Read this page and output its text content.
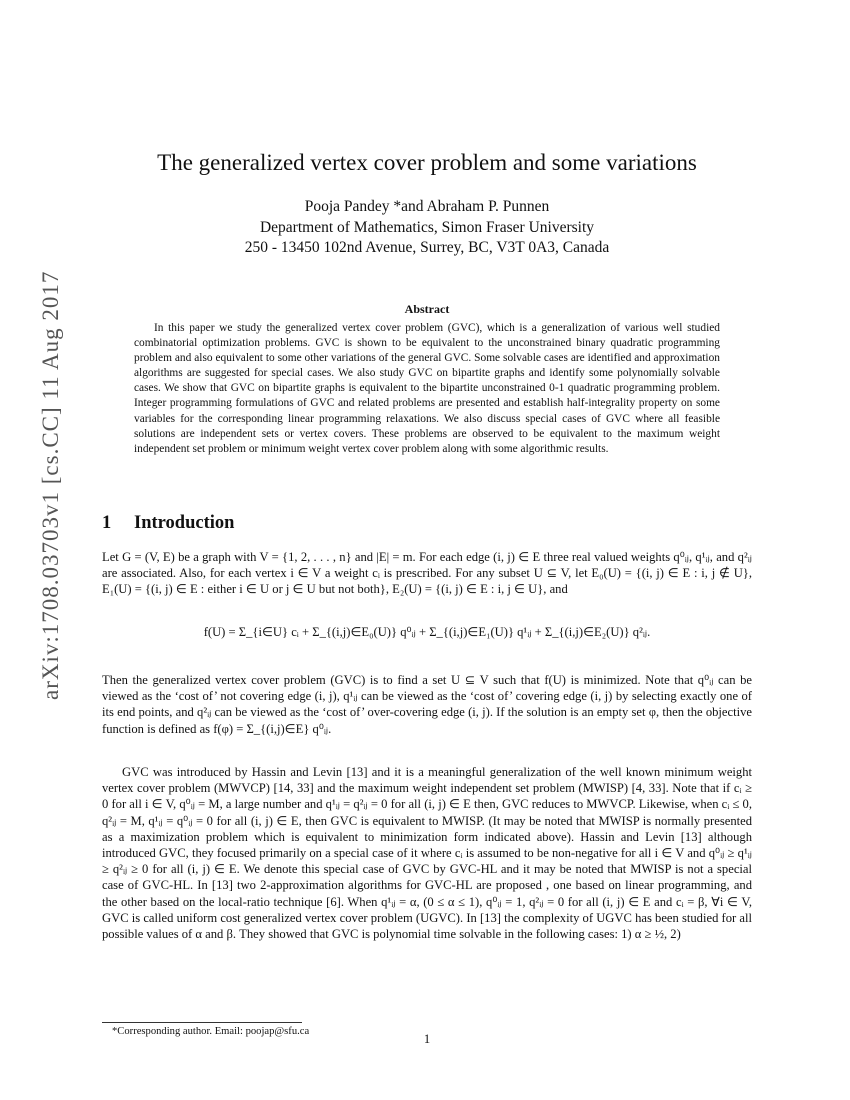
arXiv:1708.03703v1 [cs.CC] 11 Aug 2017
The generalized vertex cover problem and some variations
Pooja Pandey *and Abraham P. Punnen
Department of Mathematics, Simon Fraser University
250 - 13450 102nd Avenue, Surrey, BC, V3T 0A3, Canada
Abstract
In this paper we study the generalized vertex cover problem (GVC), which is a generalization of various well studied combinatorial optimization problems. GVC is shown to be equivalent to the unconstrained binary quadratic programming problem and also equivalent to some other variations of the general GVC. Some solvable cases are identified and approximation algorithms are suggested for special cases. We also study GVC on bipartite graphs and identify some polynomially solvable cases. We show that GVC on bipartite graphs is equivalent to the bipartite unconstrained 0-1 quadratic programming problem. Integer programming formulations of GVC and related problems are presented and establish half-integrality property on some variables for the corresponding linear programming relaxations. We also discuss special cases of GVC where all feasible solutions are independent sets or vertex covers. These problems are observed to be equivalent to the maximum weight independent set problem or minimum weight vertex cover problem along with some algorithmic results.
1 Introduction
Let G = (V, E) be a graph with V = {1, 2, . . . , n} and |E| = m. For each edge (i, j) ∈ E three real valued weights q⁰ᵢⱼ, q¹ᵢⱼ, and q²ᵢⱼ are associated. Also, for each vertex i ∈ V a weight cᵢ is prescribed. For any subset U ⊆ V, let E₀(U) = {(i, j) ∈ E : i, j ∉ U}, E₁(U) = {(i, j) ∈ E : either i ∈ U or j ∈ U but not both}, E₂(U) = {(i, j) ∈ E : i, j ∈ U}, and
f(U) = Σ_{i∈U} cᵢ + Σ_{(i,j)∈E₀(U)} q⁰ᵢⱼ + Σ_{(i,j)∈E₁(U)} q¹ᵢⱼ + Σ_{(i,j)∈E₂(U)} q²ᵢⱼ.
Then the generalized vertex cover problem (GVC) is to find a set U ⊆ V such that f(U) is minimized. Note that q⁰ᵢⱼ can be viewed as the ‘cost of’ not covering edge (i, j), q¹ᵢⱼ can be viewed as the ‘cost of’ covering edge (i, j) by selecting exactly one of its end points, and q²ᵢⱼ can be viewed as the ‘cost of’ over-covering edge (i, j). If the solution is an empty set φ, then the objective function is defined as f(φ) = Σ_{(i,j)∈E} q⁰ᵢⱼ.
GVC was introduced by Hassin and Levin [13] and it is a meaningful generalization of the well known minimum weight vertex cover problem (MWVCP) [14, 33] and the maximum weight independent set problem (MWISP) [4, 33]. Note that if cᵢ ≥ 0 for all i ∈ V, q⁰ᵢⱼ = M, a large number and q¹ᵢⱼ = q²ᵢⱼ = 0 for all (i, j) ∈ E then, GVC reduces to MWVCP. Likewise, when cᵢ ≤ 0, q²ᵢⱼ = M, q¹ᵢⱼ = q⁰ᵢⱼ = 0 for all (i, j) ∈ E, then GVC is equivalent to MWISP. (It may be noted that MWISP is normally presented as a maximization problem which is equivalent to minimization form indicated above). Hassin and Levin [13] although introduced GVC, they focused primarily on a special case of it where cᵢ is assumed to be non-negative for all i ∈ V and q⁰ᵢⱼ ≥ q¹ᵢⱼ ≥ q²ᵢⱼ ≥ 0 for all (i, j) ∈ E. We denote this special case of GVC by GVC-HL and it may be noted that MWISP is not a special case of GVC-HL. In [13] two 2-approximation algorithms for GVC-HL are proposed , one based on linear programming, and the other based on the local-ratio technique [6]. When q¹ᵢⱼ = α, (0 ≤ α ≤ 1), q⁰ᵢⱼ = 1, q²ᵢⱼ = 0 for all (i, j) ∈ E and cᵢ = β, ∀i ∈ V, GVC is called uniform cost generalized vertex cover problem (UGVC). In [13] the complexity of UGVC has been studied for all possible values of α and β. They showed that GVC is polynomial time solvable in the following cases: 1) α ≥ ½, 2)
*Corresponding author. Email: poojap@sfu.ca
1
